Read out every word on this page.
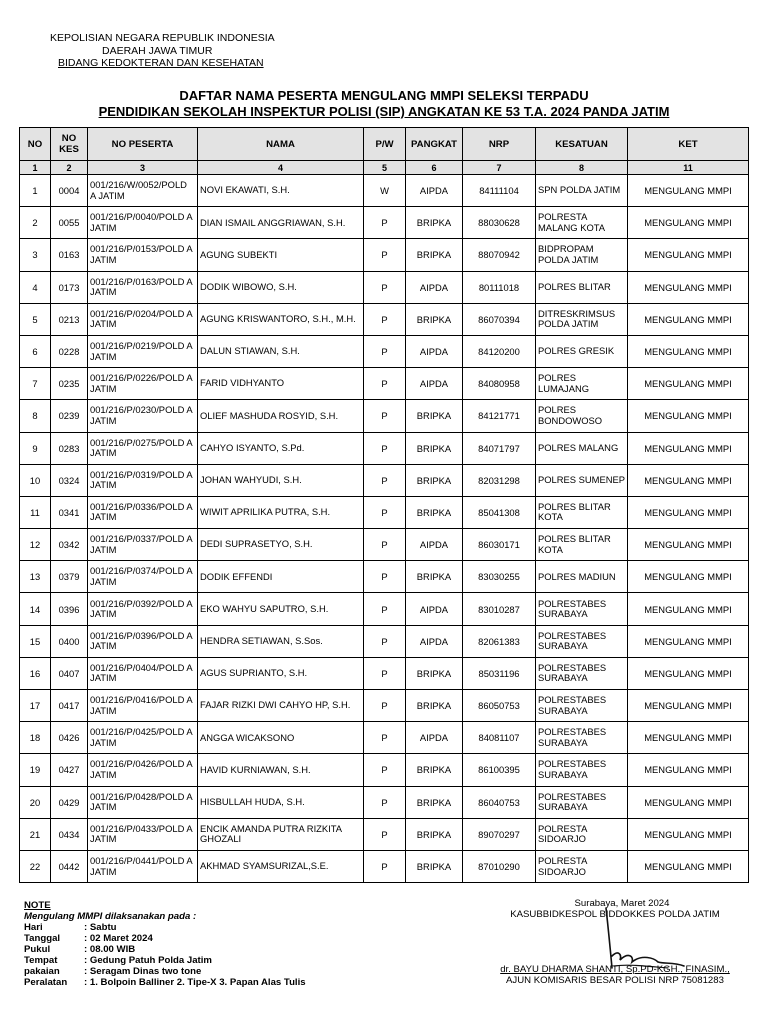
KEPOLISIAN NEGARA REPUBLIK INDONESIA
DAERAH JAWA TIMUR
BIDANG KEDOKTERAN DAN KESEHATAN
DAFTAR NAMA PESERTA MENGULANG MMPI SELEKSI TERPADU
PENDIDIKAN SEKOLAH INSPEKTUR POLISI (SIP) ANGKATAN KE 53 T.A. 2024 PANDA JATIM
NO	NO KES	NO PESERTA	NAMA	P/W	PANGKAT	NRP	KESATUAN	KET
1	2	3	4	5	6	7	8	11
1	0004	001/216/W/0052/POLD A JATIM	NOVI EKAWATI, S.H.	W	AIPDA	84111104	SPN POLDA JATIM	MENGULANG MMPI
2	0055	001/216/P/0040/POLD A JATIM	DIAN ISMAIL ANGGRIAWAN, S.H.	P	BRIPKA	88030628	POLRESTA MALANG KOTA	MENGULANG MMPI
3	0163	001/216/P/0153/POLD A JATIM	AGUNG SUBEKTI	P	BRIPKA	88070942	BIDPROPAM POLDA JATIM	MENGULANG MMPI
4	0173	001/216/P/0163/POLD A JATIM	DODIK WIBOWO, S.H.	P	AIPDA	80111018	POLRES BLITAR	MENGULANG MMPI
5	0213	001/216/P/0204/POLD A JATIM	AGUNG KRISWANTORO, S.H., M.H.	P	BRIPKA	86070394	DITRESKRIMSUS POLDA JATIM	MENGULANG MMPI
6	0228	001/216/P/0219/POLD A JATIM	DALUN STIAWAN, S.H.	P	AIPDA	84120200	POLRES GRESIK	MENGULANG MMPI
7	0235	001/216/P/0226/POLD A JATIM	FARID VIDHYANTO	P	AIPDA	84080958	POLRES LUMAJANG	MENGULANG MMPI
8	0239	001/216/P/0230/POLD A JATIM	OLIEF MASHUDA ROSYID, S.H.	P	BRIPKA	84121771	POLRES BONDOWOSO	MENGULANG MMPI
9	0283	001/216/P/0275/POLD A JATIM	CAHYO ISYANTO, S.Pd.	P	BRIPKA	84071797	POLRES MALANG	MENGULANG MMPI
10	0324	001/216/P/0319/POLD A JATIM	JOHAN WAHYUDI, S.H.	P	BRIPKA	82031298	POLRES SUMENEP	MENGULANG MMPI
11	0341	001/216/P/0336/POLD A JATIM	WIWIT APRILIKA PUTRA, S.H.	P	BRIPKA	85041308	POLRES BLITAR KOTA	MENGULANG MMPI
12	0342	001/216/P/0337/POLD A JATIM	DEDI SUPRASETYO, S.H.	P	AIPDA	86030171	POLRES BLITAR KOTA	MENGULANG MMPI
13	0379	001/216/P/0374/POLD A JATIM	DODIK EFFENDI	P	BRIPKA	83030255	POLRES MADIUN	MENGULANG MMPI
14	0396	001/216/P/0392/POLD A JATIM	EKO WAHYU SAPUTRO, S.H.	P	AIPDA	83010287	POLRESTABES SURABAYA	MENGULANG MMPI
15	0400	001/216/P/0396/POLD A JATIM	HENDRA SETIAWAN, S.Sos.	P	AIPDA	82061383	POLRESTABES SURABAYA	MENGULANG MMPI
16	0407	001/216/P/0404/POLD A JATIM	AGUS SUPRIANTO, S.H.	P	BRIPKA	85031196	POLRESTABES SURABAYA	MENGULANG MMPI
17	0417	001/216/P/0416/POLD A JATIM	FAJAR RIZKI DWI CAHYO HP, S.H.	P	BRIPKA	86050753	POLRESTABES SURABAYA	MENGULANG MMPI
18	0426	001/216/P/0425/POLD A JATIM	ANGGA WICAKSONO	P	AIPDA	84081107	POLRESTABES SURABAYA	MENGULANG MMPI
19	0427	001/216/P/0426/POLD A JATIM	HAVID KURNIAWAN, S.H.	P	BRIPKA	86100395	POLRESTABES SURABAYA	MENGULANG MMPI
20	0429	001/216/P/0428/POLD A JATIM	HISBULLAH HUDA, S.H.	P	BRIPKA	86040753	POLRESTABES SURABAYA	MENGULANG MMPI
21	0434	001/216/P/0433/POLD A JATIM	ENCIK AMANDA PUTRA RIZKITA GHOZALI	P	BRIPKA	89070297	POLRESTA SIDOARJO	MENGULANG MMPI
22	0442	001/216/P/0441/POLD A JATIM	AKHMAD SYAMSURIZAL,S.E.	P	BRIPKA	87010290	POLRESTA SIDOARJO	MENGULANG MMPI
NOTE
Mengulang MMPI dilaksanakan pada :
Hari	: Sabtu
Tanggal	: 02 Maret 2024
Pukul	: 08.00 WIB
Tempat	: Gedung Patuh Polda Jatim
pakaian	: Seragam Dinas two tone
Peralatan	: 1. Bolpoin Balliner 2. Tipe-X 3. Papan Alas Tulis
Surabaya, Maret 2024
KASUBBIDKESPOL BIDDOKKES POLDA JATIM
dr. BAYU DHARMA SHANTI, Sp.PD-KGH., FINASIM.,
AJUN KOMISARIS BESAR POLISI NRP 75081283
